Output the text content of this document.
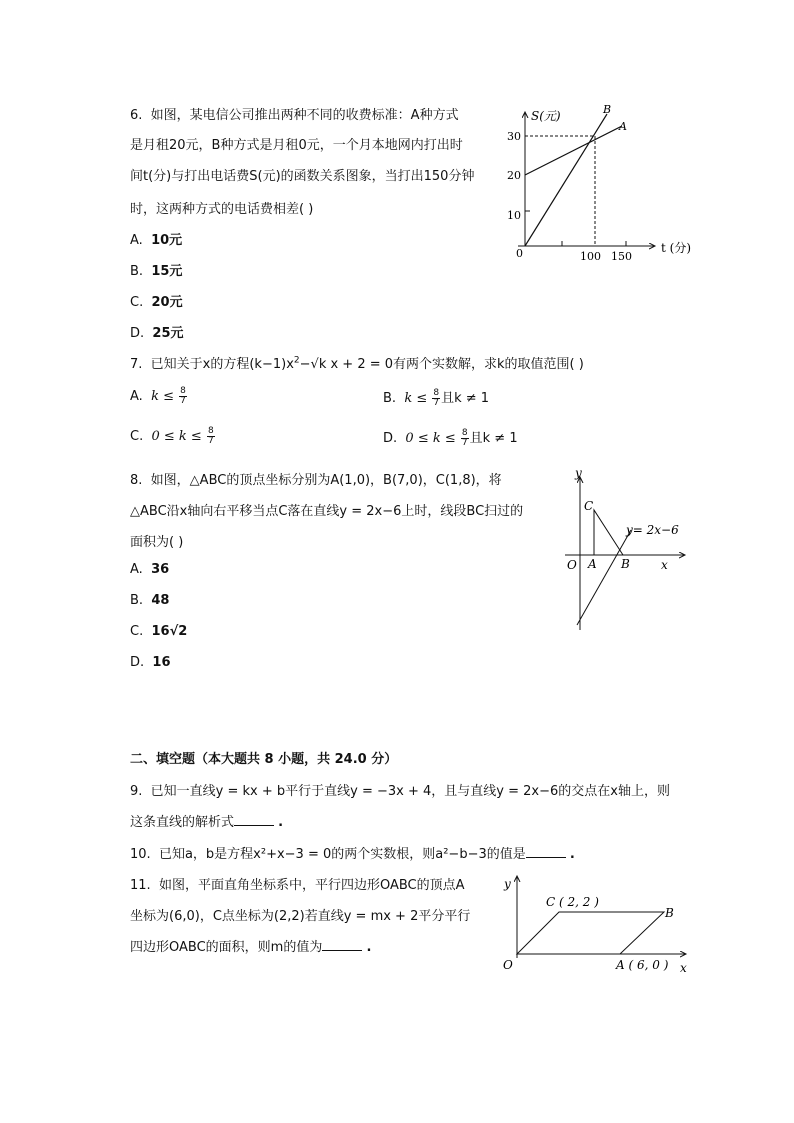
6. 如图，某电信公司推出两种不同的收费标准：A种方式
是月租20元，B种方式是月租0元，一个月本地网内打出时
间t(分)与打出电话费S(元)的函数关系图象，当打出150分钟
时，这两种方式的电话费相差( )
A. 10元
B. 15元
C. 20元
D. 25元
S(元)
t (分)
0
30
20
10
100 150
A
B
7. 已知关于x的方程$(k-1)x^2-√k$ x + 2 = 0有两个实数解，求k的取值范围( )
A. $k \le \frac{8}{7}$	B. $k \le \frac{8}{7}$ 且k ≠ 1
C. $0 \le k \le \frac{8}{7}$	D. $0 \le k \le \frac{8}{7}$ 且k ≠ 1
8. 如图，△ABC的顶点坐标分别为A(1,0)，B(7,0)，C(1,8)，将
△ABC沿x轴向右平移当点C落在直线y = 2x−6上时，线段BC扫过的
面积为( )
A. 36
B. 48
C. 16√2
D. 16
y
x
O A B
C
y= 2x−6
二、填空题（本大题共 8 小题，共 24.0 分）
9. 已知一直线y = kx + b平行于直线y = −3x + 4，且与直线y = 2x−6的交点在x轴上，则
这条直线的解析式	.
10. 已知a，b是方程x²+x−3 = 0的两个实数根，则a²−b−3的值是	.
11. 如图，平面直角坐标系中，平行四边形OABC的顶点A
坐标为(6,0)，C点坐标为(2,2)若直线y = mx + 2平分平行
四边形OABC的面积，则m的值为	.
y
x
O
B
C ( 2, 2 )
A ( 6, 0 )
